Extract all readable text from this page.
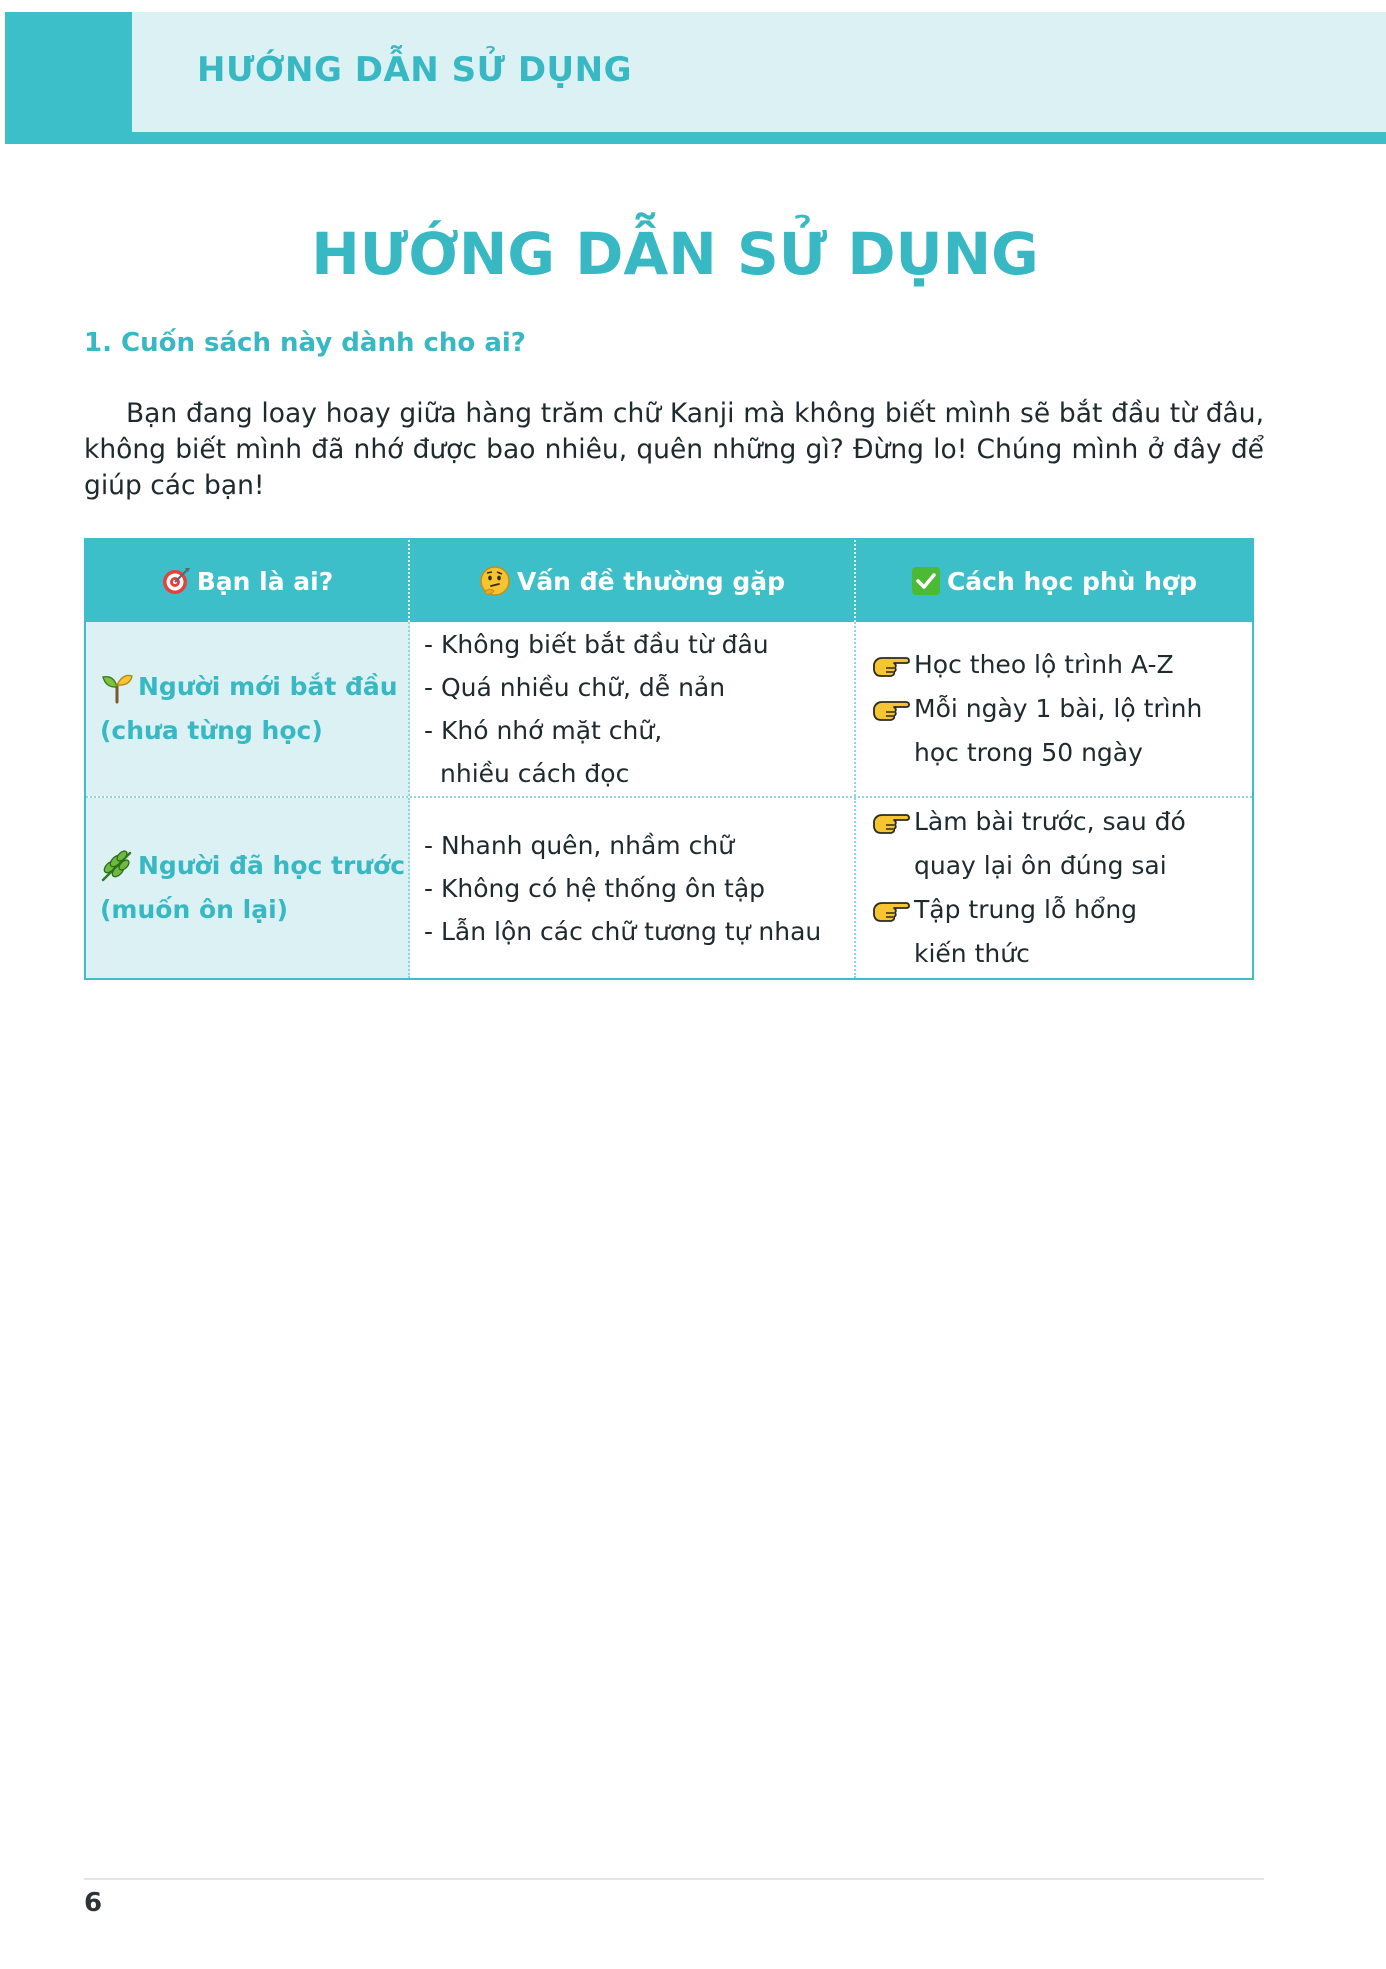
HƯỚNG DẪN SỬ DỤNG
HƯỚNG DẪN SỬ DỤNG
1. Cuốn sách này dành cho ai?

Bạn đang loay hoay giữa hàng trăm chữ Kanji mà không biết mình sẽ bắt đầu từ đâu, không biết mình đã nhớ được bao nhiêu, quên những gì? Đừng lo! Chúng mình ở đây để giúp các bạn!

Bạn là ai?	Vấn đề thường gặp	Cách học phù hợp
Người mới bắt đầu
(chưa từng học)
- Không biết bắt đầu từ đâu
- Quá nhiều chữ, dễ nản
- Khó nhớ mặt chữ,
nhiều cách đọc
Học theo lộ trình A-Z
Mỗi ngày 1 bài, lộ trình
học trong 50 ngày
Người đã học trước
(muốn ôn lại)
- Nhanh quên, nhầm chữ
- Không có hệ thống ôn tập
- Lẫn lộn các chữ tương tự nhau
Làm bài trước, sau đó
quay lại ôn đúng sai
Tập trung lỗ hổng
kiến thức
6
